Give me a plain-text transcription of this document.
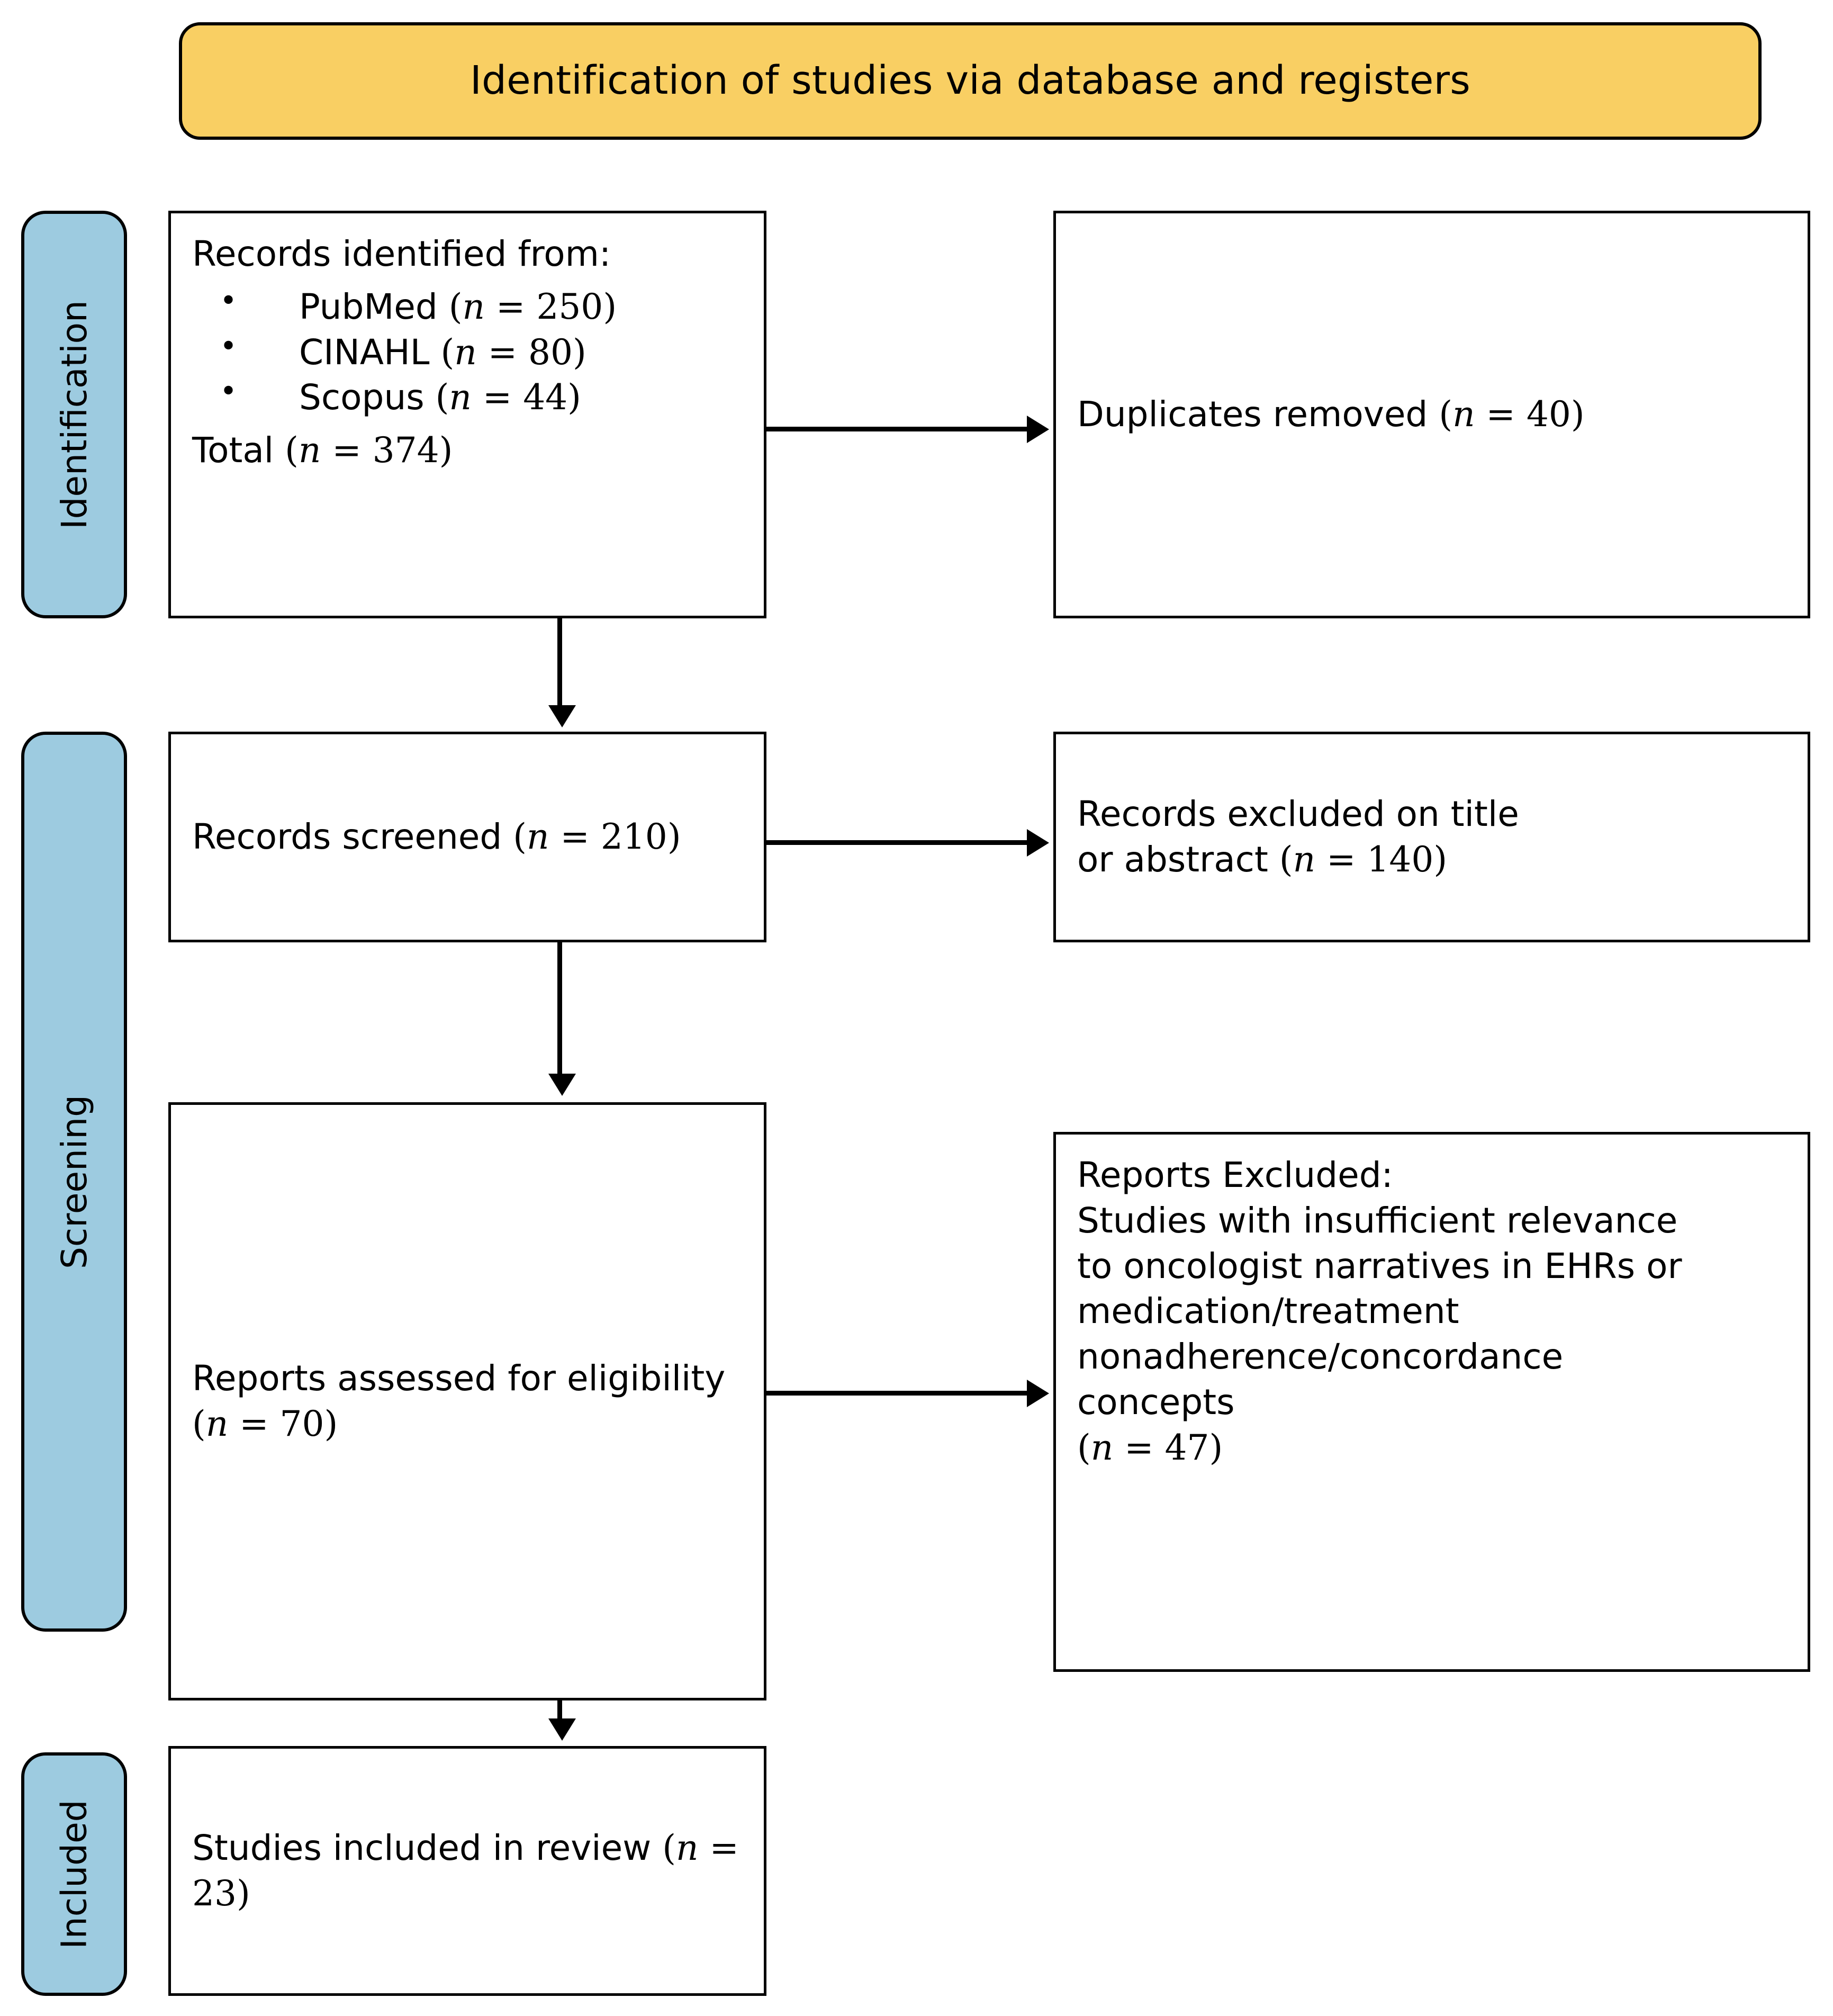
Identification of studies via database and registers
Identification
Screening
Included
Records identified from:
• PubMed (n = 250)
• CINAHL (n = 80)
• Scopus (n = 44)
Total (n = 374)
Duplicates removed (n = 40)
Records screened (n = 210)
Records excluded on title
or abstract (n = 140)
Reports assessed for eligibility
(n = 70)
Reports Excluded:
Studies with insufficient relevance
to oncologist narratives in EHRs or
medication/treatment
nonadherence/concordance
concepts
(n = 47)
Studies included in review (n = 23)
